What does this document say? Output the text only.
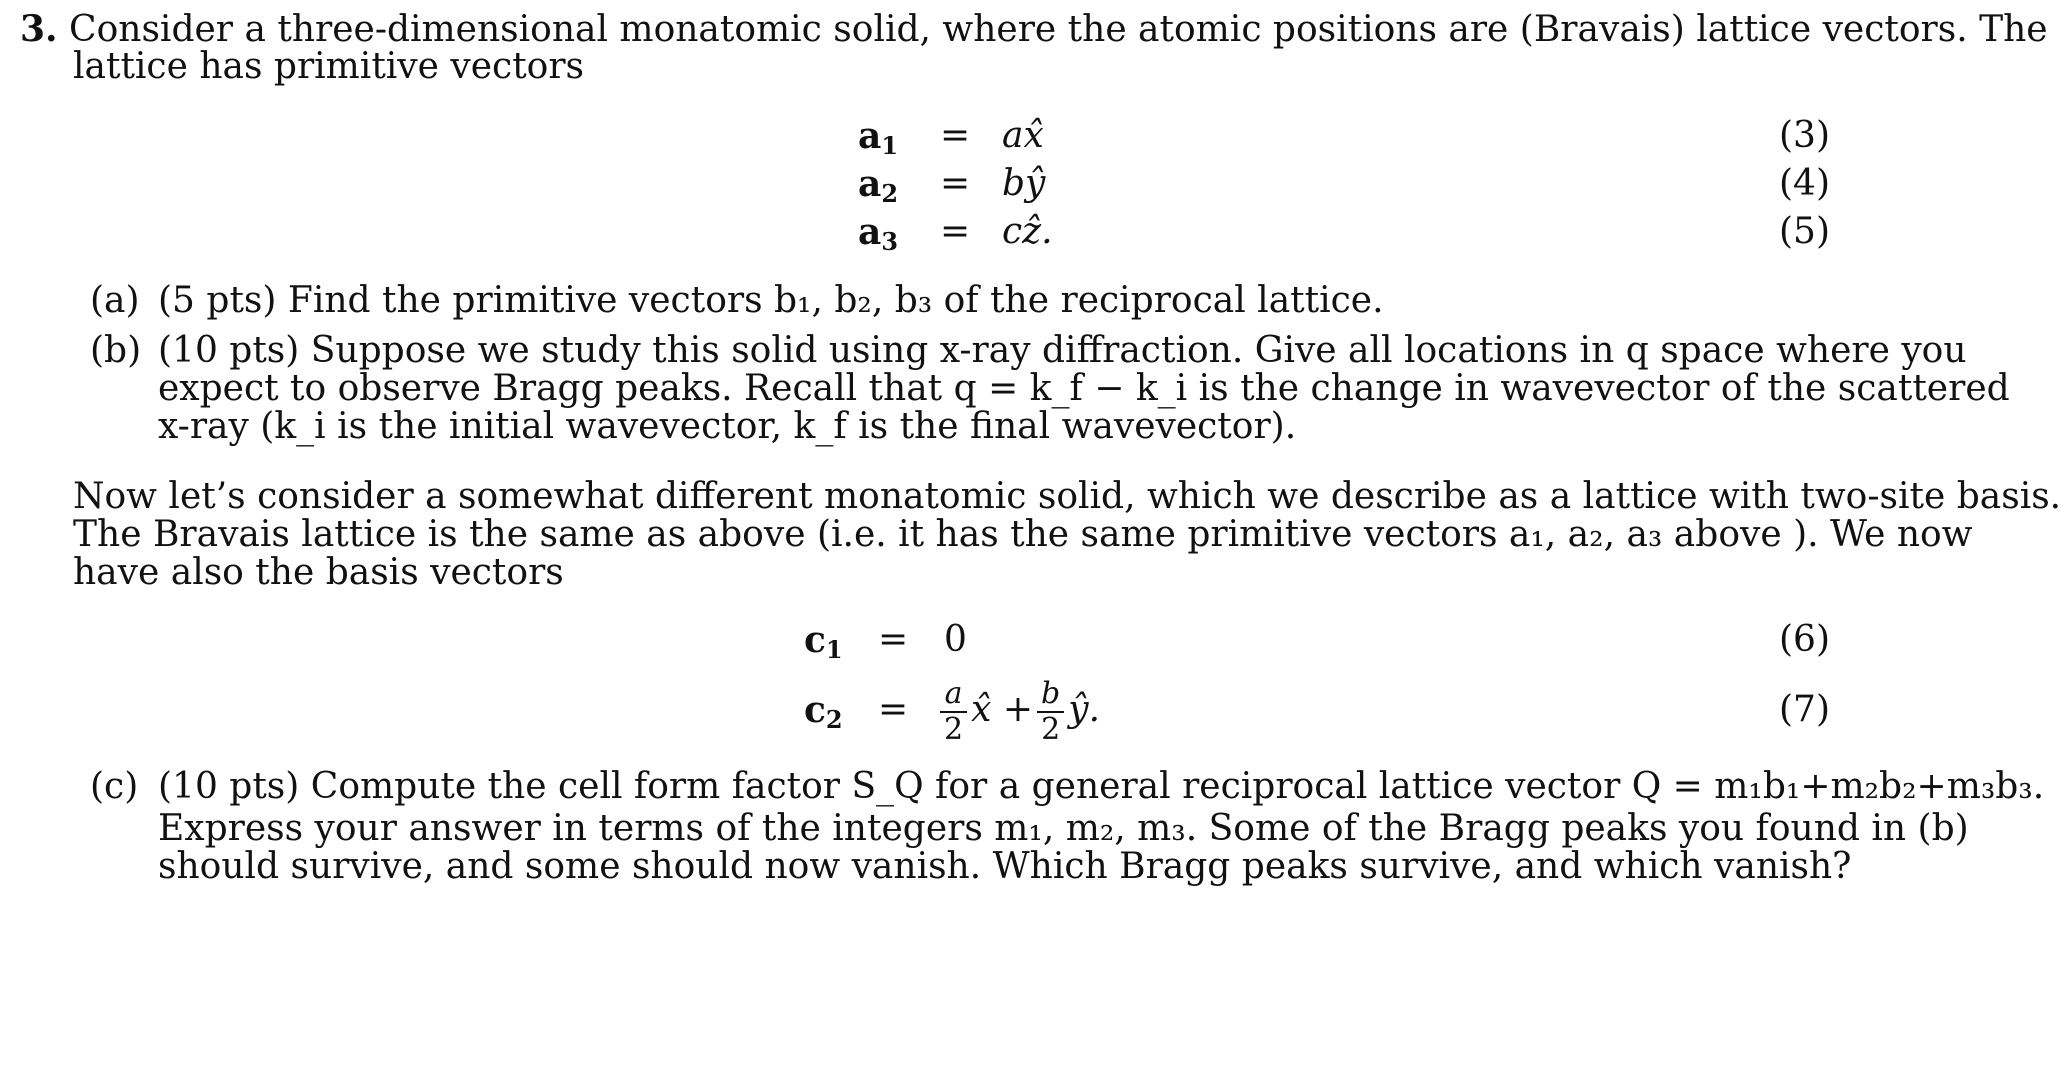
3. Consider a three-dimensional monatomic solid, where the atomic positions are (Bravais) lattice vectors. The
lattice has primitive vectors
$a_1$ = ax̂	(3)
$a_2$ = bŷ	(4)
$a_3$ = cẑ.	(5)
(a) (5 pts) Find the primitive vectors b₁, b₂, b₃ of the reciprocal lattice.
(b) (10 pts) Suppose we study this solid using x-ray diffraction. Give all locations in q space where you
expect to observe Bragg peaks. Recall that q = k_f − k_i is the change in wavevector of the scattered
x-ray (k_i is the initial wavevector, k_f is the final wavevector).
Now let’s consider a somewhat different monatomic solid, which we describe as a lattice with two-site basis.
The Bravais lattice is the same as above (i.e. it has the same primitive vectors a₁, a₂, a₃ above ). We now
have also the basis vectors
$c_1 = 0$	(6)
$c_2 = \frac{a}{2}$ x̂ + $\frac{b}{2}$ ŷ.	(7)
(c) (10 pts) Compute the cell form factor S_Q for a general reciprocal lattice vector Q = m₁b₁+m₂b₂+m₃b₃.
Express your answer in terms of the integers m₁, m₂, m₃. Some of the Bragg peaks you found in (b)
should survive, and some should now vanish. Which Bragg peaks survive, and which vanish?
